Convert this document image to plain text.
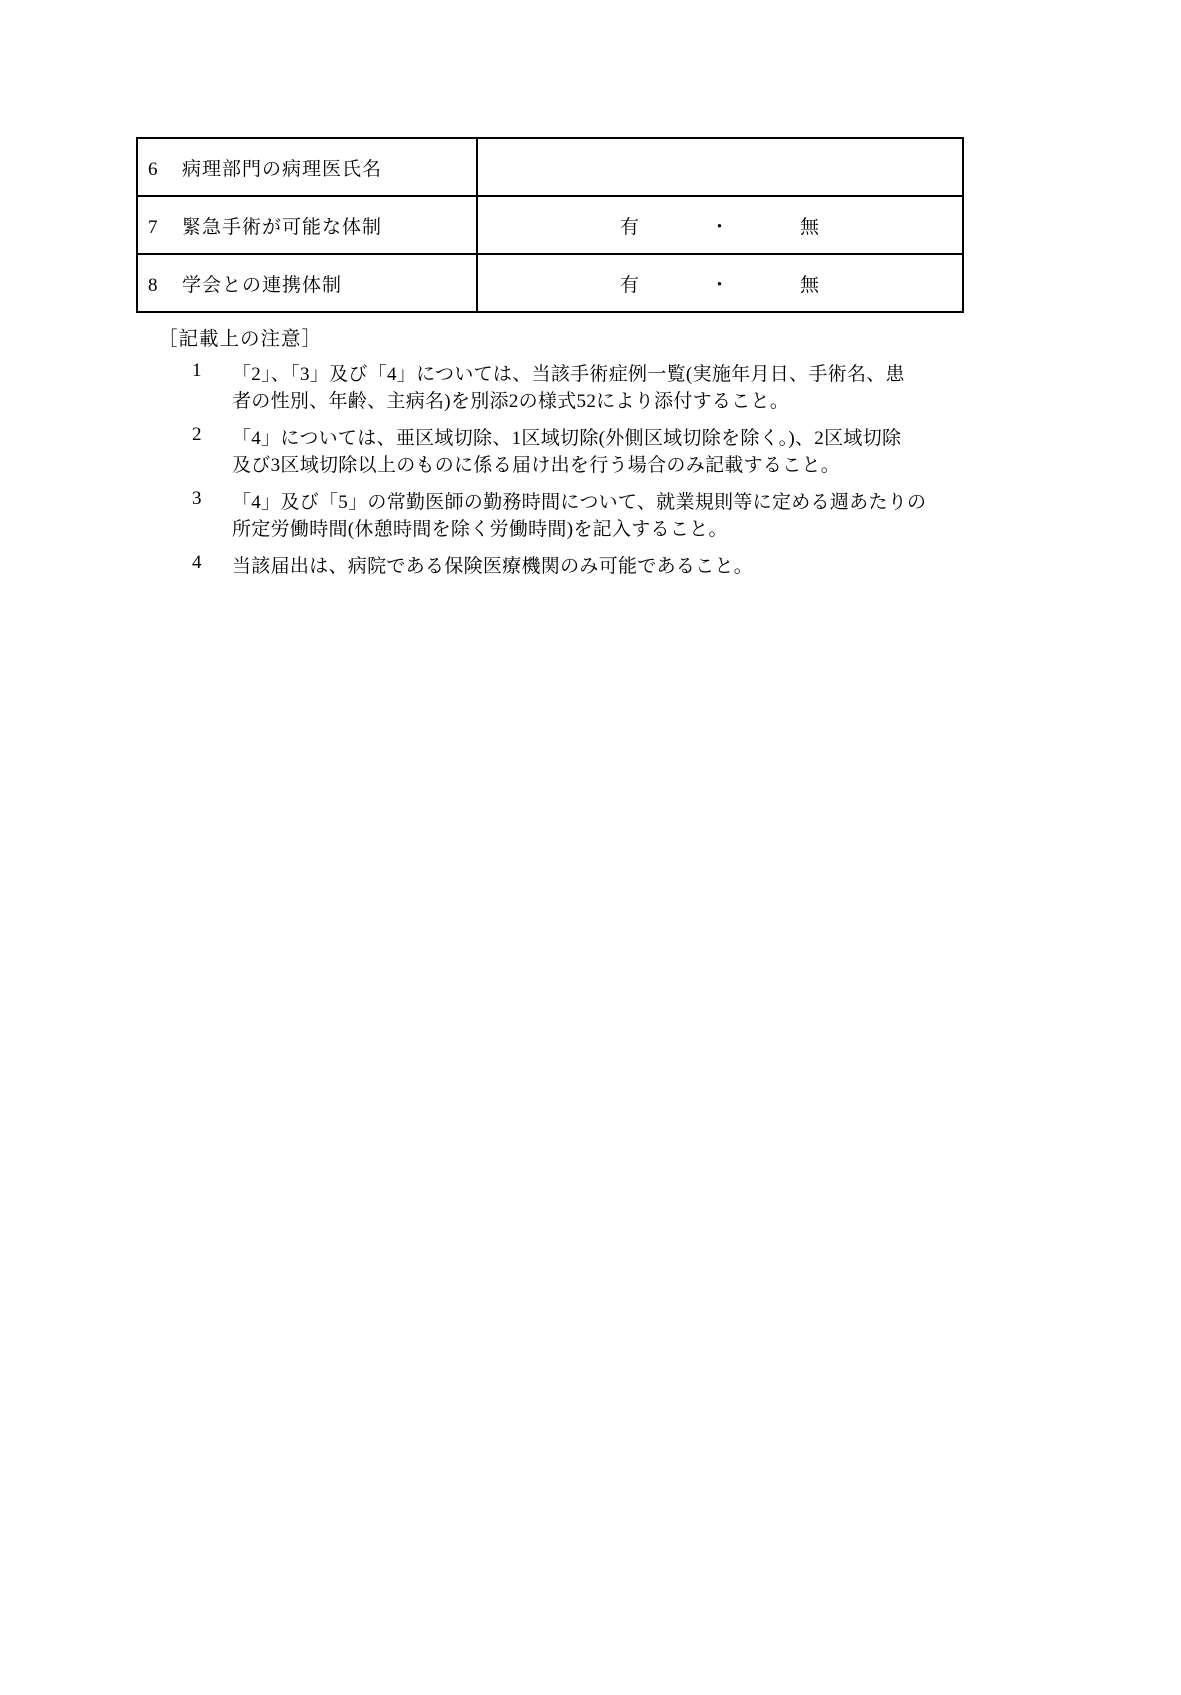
6 病理部門の病理医氏名	

7 緊急手術が可能な体制	有 ・ 無

8 学会との連携体制	有 ・ 無
［記載上の注意］
1	「2」、「3」及び「4」については、当該手術症例一覧(実施年月日、手術名、患
者の性別、年齢、主病名)を別添2の様式52により添付すること。
2	「4」については、亜区域切除、1区域切除(外側区域切除を除く。)、2区域切除
及び3区域切除以上のものに係る届け出を行う場合のみ記載すること。
3	「4」及び「5」の常勤医師の勤務時間について、就業規則等に定める週あたりの
所定労働時間(休憩時間を除く労働時間)を記入すること。
4	当該届出は、病院である保険医療機関のみ可能であること。
